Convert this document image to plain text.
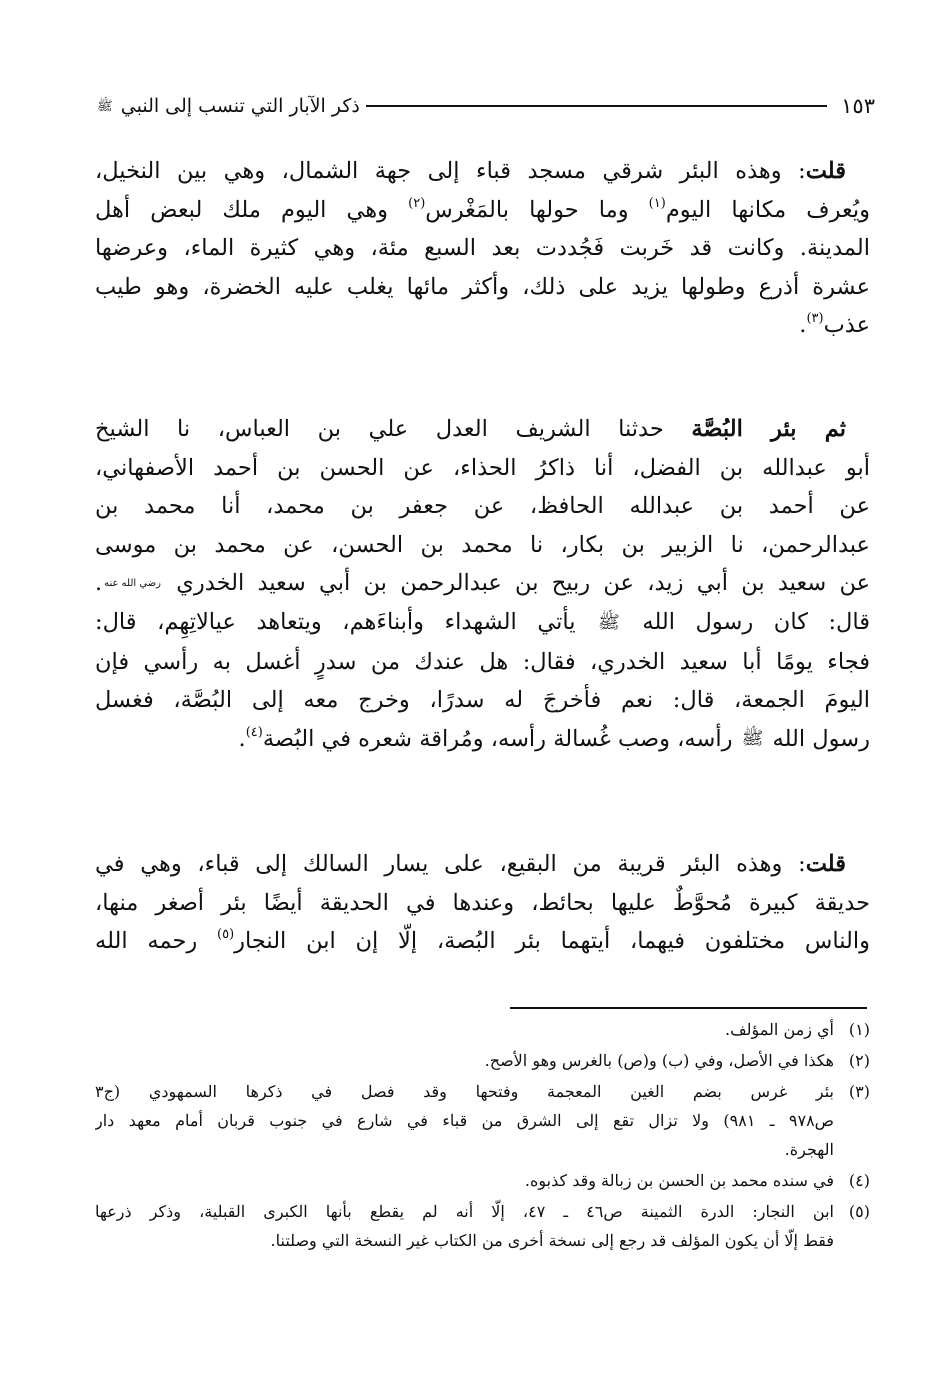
١٥٣
ذكر الآبار التي تنسب إلى النبي ﷺ
قلت: وهذه البئر شرقي مسجد قباء إلى جهة الشمال، وهي بين النخيل،
ويُعرف مكانها اليوم$^{(١)}$ وما حولها بالمَغْرس$^{(٢)}$ وهي اليوم ملك لبعض أهل
المدينة. وكانت قد خَربت فَجُددت بعد السبع مئة، وهي كثيرة الماء، وعرضها
عشرة أذرع وطولها يزيد على ذلك، وأكثر مائها يغلب عليه الخضرة، وهو طيب
عذب$^{(٣)}$.
ثم بئر البُصَّة حدثنا الشريف العدل علي بن العباس، نا الشيخ
أبو عبدالله بن الفضل، أنا ذاكرُ الحذاء، عن الحسن بن أحمد الأصفهاني،
عن أحمد بن عبدالله الحافظ، عن جعفر بن محمد، أنا محمد بن
عبدالرحمن، نا الزبير بن بكار، نا محمد بن الحسن، عن محمد بن موسى
عن سعيد بن أبي زيد، عن ربيح بن عبدالرحمن بن أبي سعيد الخدري رضي الله عنه.
قال: كان رسول الله ﷺ يأتي الشهداء وأبناءَهم، ويتعاهد عيالاتِهِم، قال:
فجاء يومًا أبا سعيد الخدري، فقال: هل عندك من سدرٍ أغسل به رأسي فإن
اليومَ الجمعة، قال: نعم فأخرجَ له سدرًا، وخرج معه إلى البُصَّة، فغسل
رسول الله ﷺ رأسه، وصب غُسالة رأسه، ومُراقة شعره في البُصة$^{(٤)}$.
قلت: وهذه البئر قريبة من البقيع، على يسار السالك إلى قباء، وهي في
حديقة كبيرة مُحوَّطٌ عليها بحائط، وعندها في الحديقة أيضًا بئر أصغر منها،
والناس مختلفون فيهما، أيتهما بئر البُصة، إلّا إن ابن النجار$^{(٥)}$ رحمه الله
(١)
أي زمن المؤلف.
(٢)
هكذا في الأصل، وفي (ب) و(ص) بالغرس وهو الأصح.
(٣)
بئر غرس بضم الغين المعجمة وفتحها وقد فصل في ذكرها السمهودي (ج٣
ص٩٧٨ ـ ٩٨١) ولا تزال تقع إلى الشرق من قباء في شارع في جنوب قربان أمام معهد دار
الهجرة.
(٤)
في سنده محمد بن الحسن بن زبالة وقد كذبوه.
(٥)
ابن النجار: الدرة الثمينة ص٤٦ ـ ٤٧، إلّا أنه لم يقطع بأنها الكبرى القبلية، وذكر ذرعها
فقط إلّا أن يكون المؤلف قد رجع إلى نسخة أخرى من الكتاب غير النسخة التي وصلتنا.
